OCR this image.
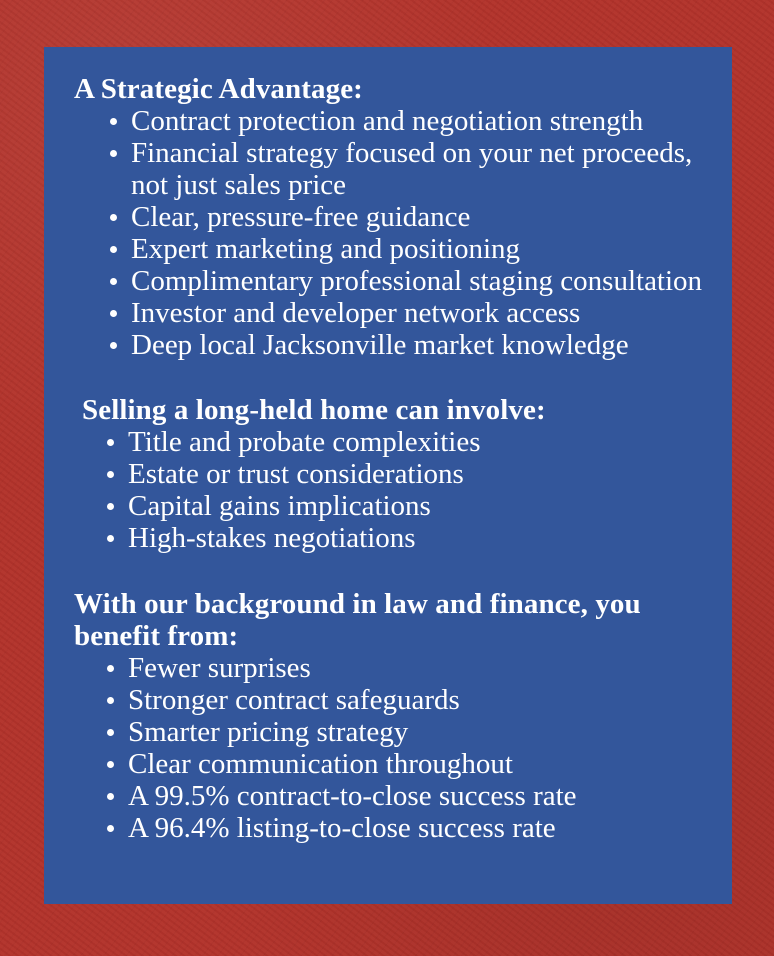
A Strategic Advantage:
Contract protection and negotiation strength
Financial strategy focused on your net proceeds, not just sales price
Clear, pressure-free guidance
Expert marketing and positioning
Complimentary professional staging consultation
Investor and developer network access
Deep local Jacksonville market knowledge
Selling a long-held home can involve:
Title and probate complexities
Estate or trust considerations
Capital gains implications
High-stakes negotiations
With our background in law and finance, you benefit from:
Fewer surprises
Stronger contract safeguards
Smarter pricing strategy
Clear communication throughout
A 99.5% contract-to-close success rate
A 96.4% listing-to-close success rate
